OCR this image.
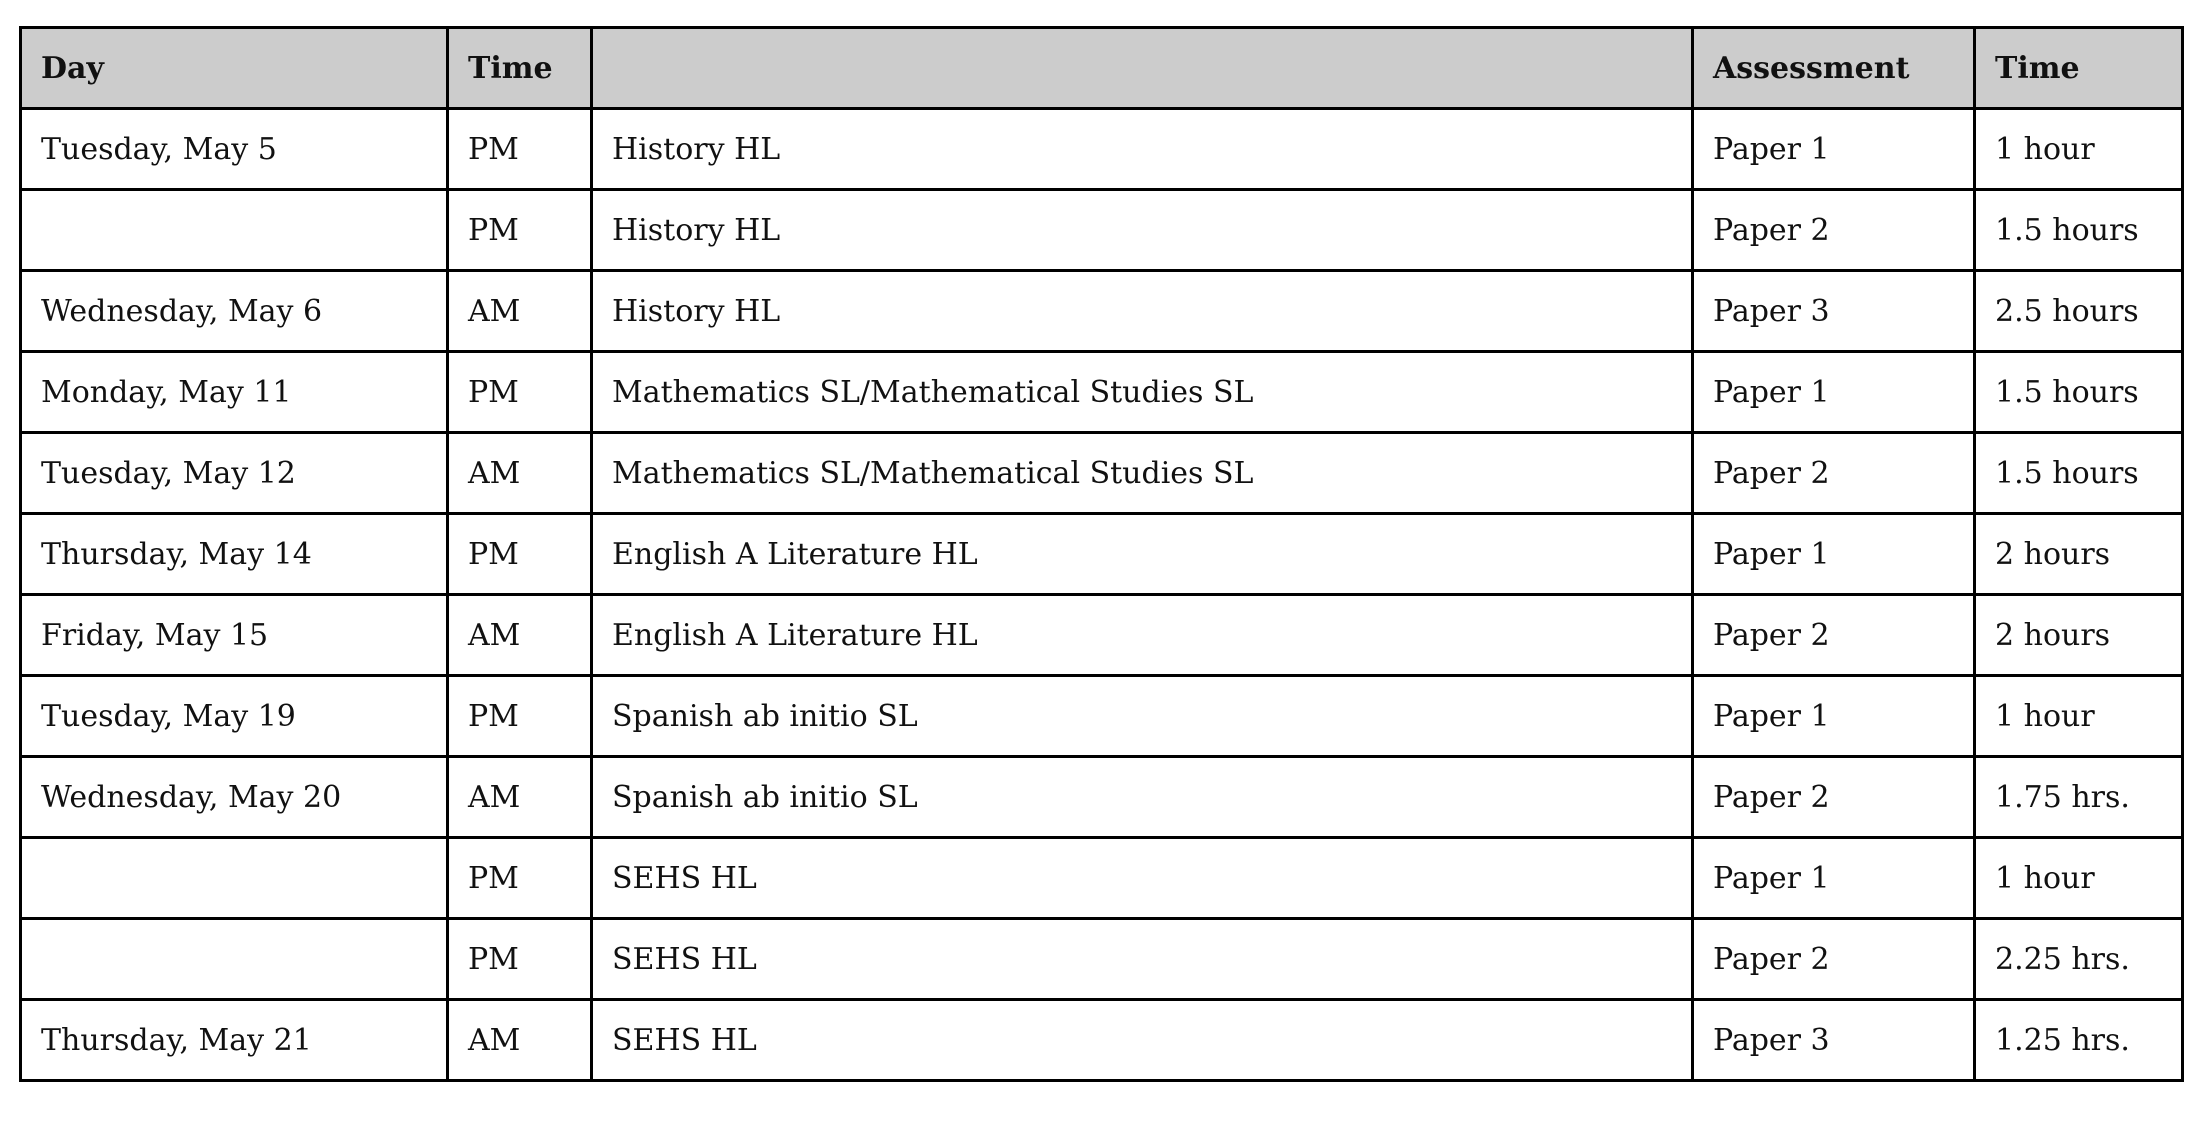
Day	Time		Assessment	Time
Tuesday, May 5	PM	History HL	Paper 1	1 hour
	PM	History HL	Paper 2	1.5 hours
Wednesday, May 6	AM	History HL	Paper 3	2.5 hours
Monday, May 11	PM	Mathematics SL/Mathematical Studies SL	Paper 1	1.5 hours
Tuesday, May 12	AM	Mathematics SL/Mathematical Studies SL	Paper 2	1.5 hours
Thursday, May 14	PM	English A Literature HL	Paper 1	2 hours
Friday, May 15	AM	English A Literature HL	Paper 2	2 hours
Tuesday, May 19	PM	Spanish ab initio SL	Paper 1	1 hour
Wednesday, May 20	AM	Spanish ab initio SL	Paper 2	1.75 hrs.
	PM	SEHS HL	Paper 1	1 hour
	PM	SEHS HL	Paper 2	2.25 hrs.
Thursday, May 21	AM	SEHS HL	Paper 3	1.25 hrs.
